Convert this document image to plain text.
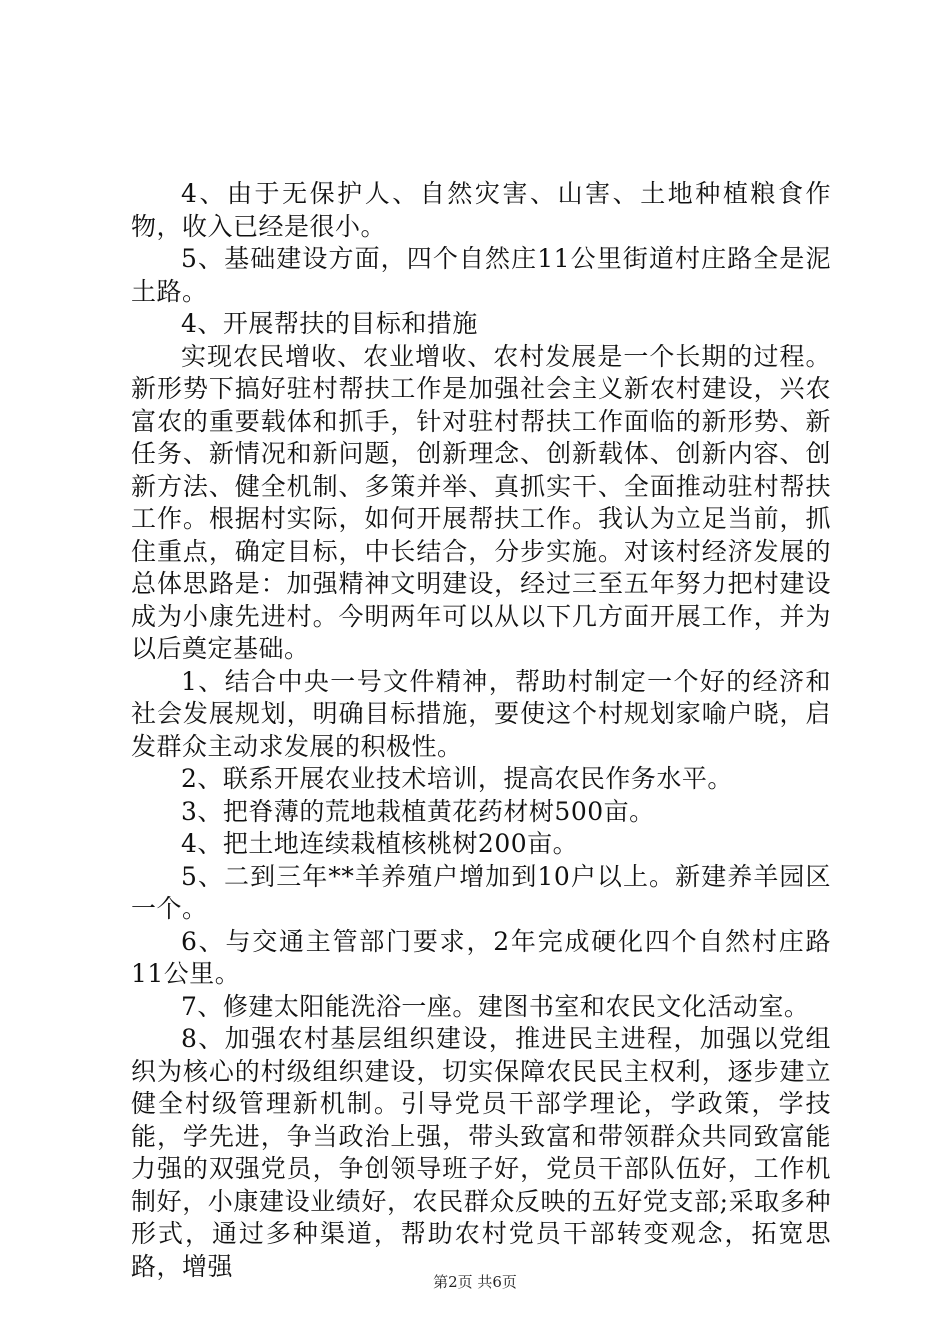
4、由于无保护人、自然灾害、山害、土地种植粮食作物，收入已经是很小。

5、基础建设方面，四个自然庄11公里街道村庄路全是泥土路。

4、开展帮扶的目标和措施

实现农民增收、农业增收、农村发展是一个长期的过程。新形势下搞好驻村帮扶工作是加强社会主义新农村建设，兴农富农的重要载体和抓手，针对驻村帮扶工作面临的新形势、新任务、新情况和新问题，创新理念、创新载体、创新内容、创新方法、健全机制、多策并举、真抓实干、全面推动驻村帮扶工作。根据村实际，如何开展帮扶工作。我认为立足当前，抓住重点，确定目标，中长结合，分步实施。对该村经济发展的总体思路是：加强精神文明建设，经过三至五年努力把村建设成为小康先进村。今明两年可以从以下几方面开展工作，并为以后奠定基础。

1、结合中央一号文件精神，帮助村制定一个好的经济和社会发展规划，明确目标措施，要使这个村规划家喻户晓，启发群众主动求发展的积极性。

2、联系开展农业技术培训，提高农民作务水平。

3、把脊薄的荒地栽植黄花药材树500亩。

4、把土地连续栽植核桃树200亩。

5、二到三年**羊养殖户增加到10户以上。新建养羊园区一个。

6、与交通主管部门要求，2年完成硬化四个自然村庄路11公里。

7、修建太阳能洗浴一座。建图书室和农民文化活动室。

8、加强农村基层组织建设，推进民主进程，加强以党组织为核心的村级组织建设，切实保障农民民主权利，逐步建立健全村级管理新机制。引导党员干部学理论，学政策，学技能，学先进，争当政治上强，带头致富和带领群众共同致富能力强的双强党员，争创领导班子好，党员干部队伍好，工作机制好，小康建设业绩好，农民群众反映的五好党支部;采取多种形式，通过多种渠道，帮助农村党员干部转变观念，拓宽思路，增强

第2页 共6页
